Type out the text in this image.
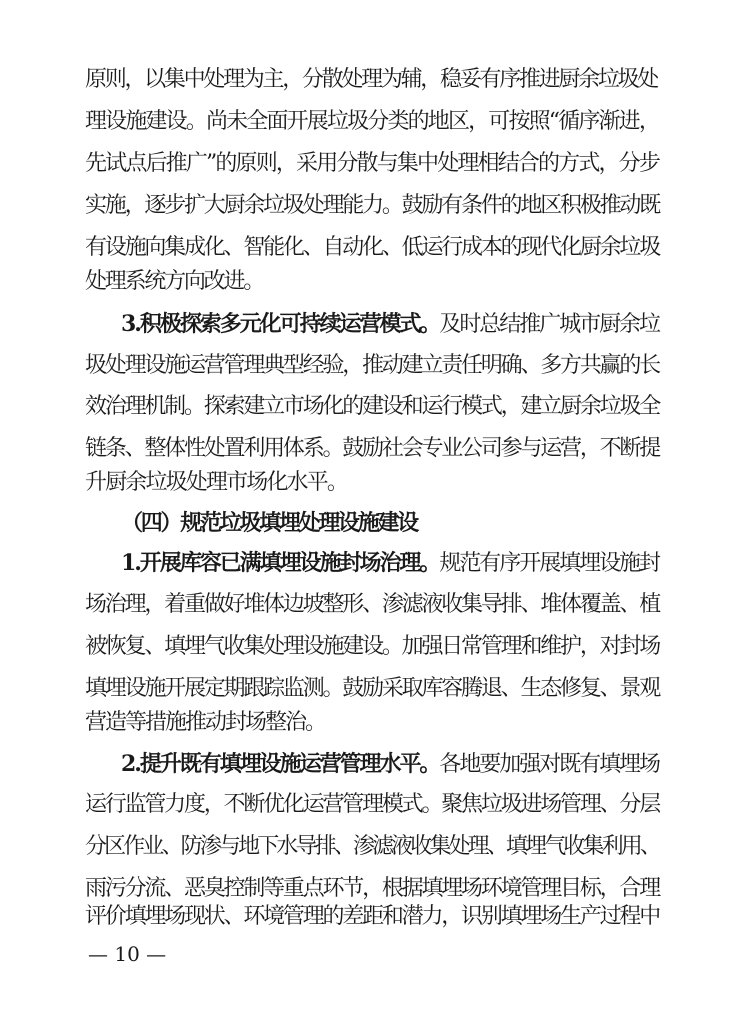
原则，以集中处理为主，分散处理为辅，稳妥有序推进厨余垃圾处
理设施建设。尚未全面开展垃圾分类的地区，可按照“循序渐进，
先试点后推广”的原则，采用分散与集中处理相结合的方式，分步
实施，逐步扩大厨余垃圾处理能力。鼓励有条件的地区积极推动既
有设施向集成化、智能化、自动化、低运行成本的现代化厨余垃圾
处理系统方向改进。
3.积极探索多元化可持续运营模式。及时总结推广城市厨余垃
圾处理设施运营管理典型经验，推动建立责任明确、多方共赢的长
效治理机制。探索建立市场化的建设和运行模式，建立厨余垃圾全
链条、整体性处置利用体系。鼓励社会专业公司参与运营，不断提
升厨余垃圾处理市场化水平。
（四）规范垃圾填埋处理设施建设
1.开展库容已满填埋设施封场治理。规范有序开展填埋设施封
场治理，着重做好堆体边坡整形、渗滤液收集导排、堆体覆盖、植
被恢复、填埋气收集处理设施建设。加强日常管理和维护，对封场
填埋设施开展定期跟踪监测。鼓励采取库容腾退、生态修复、景观
营造等措施推动封场整治。
2.提升既有填埋设施运营管理水平。各地要加强对既有填埋场
运行监管力度，不断优化运营管理模式。聚焦垃圾进场管理、分层
分区作业、防渗与地下水导排、渗滤液收集处理、填埋气收集利用、
雨污分流、恶臭控制等重点环节，根据填埋场环境管理目标，合理
评价填埋场现状、环境管理的差距和潜力，识别填埋场生产过程中
— 10 —
